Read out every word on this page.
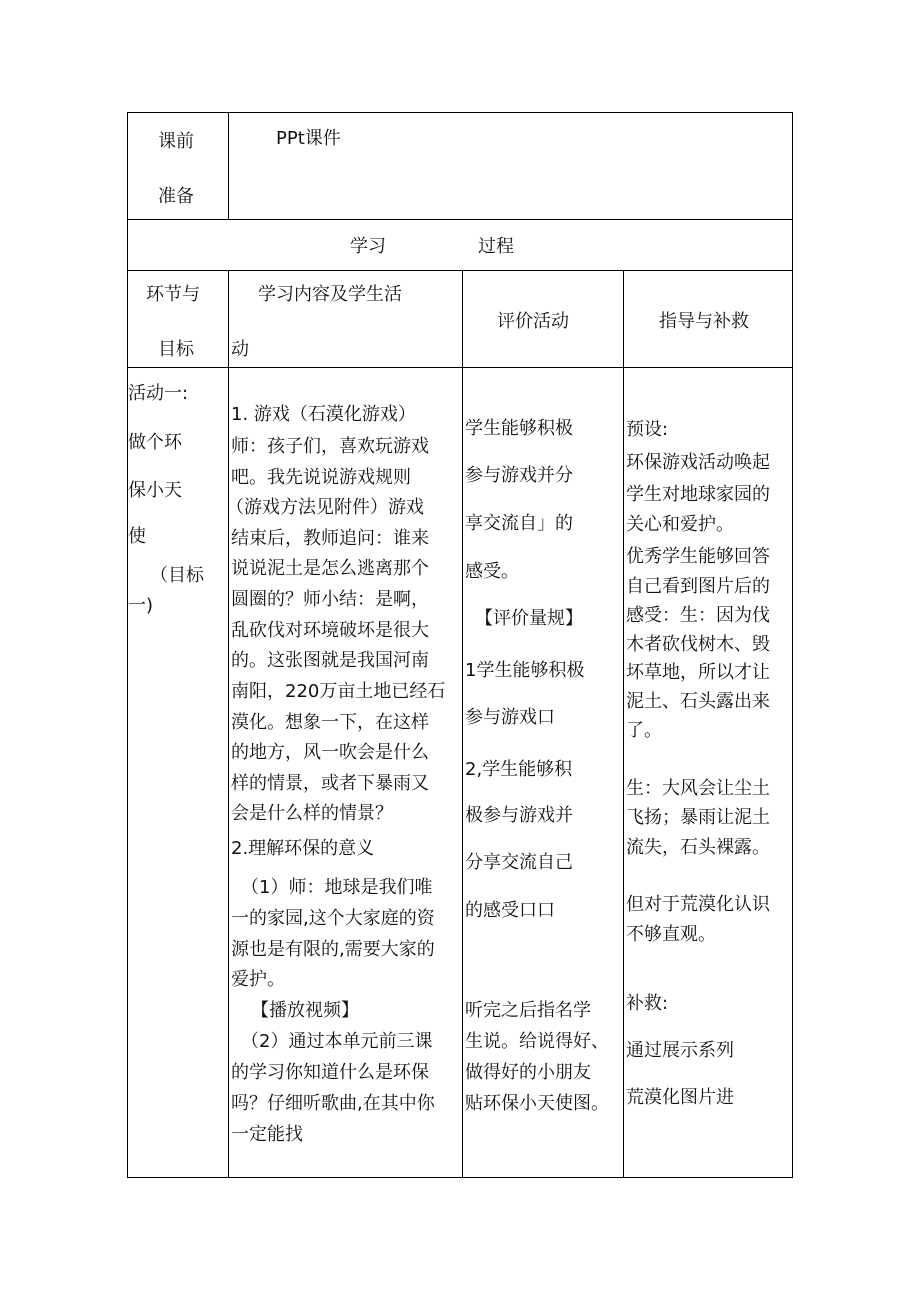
课前
准备
PPt课件
学习	过程
环节与
目标
学习内容及学生活
动
评价活动	指导与补救
活动一:
做个环
保小天
使
（目标
一)
1. 游戏（石漠化游戏）
师：孩子们，喜欢玩游戏
吧。我先说说游戏规则
（游戏方法见附件）游戏
结束后，教师追问：谁来
说说泥土是怎么逃离那个
圆圈的？师小结：是啊，
乱砍伐对环境破坏是很大
的。这张图就是我国河南
南阳，220万亩土地已经石
漠化。想象一下，在这样
的地方，风一吹会是什么
样的情景，或者下暴雨又
会是什么样的情景？
2.理解环保的意义
（1）师：地球是我们唯
一的家园,这个大家庭的资
源也是有限的,需要大家的
爱护。
【播放视频】
（2）通过本单元前三课
的学习你知道什么是环保
吗？仔细听歌曲,在其中你
一定能找
学生能够积极
参与游戏并分
享交流自」的
感受。
【评价量规】
1学生能够积极
参与游戏口
2,学生能够积
极参与游戏并
分享交流自己
的感受口口
听完之后指名学
生说。给说得好、
做得好的小朋友
贴环保小天使图。
预设:
环保游戏活动唤起
学生对地球家园的
关心和爱护。
优秀学生能够回答
自己看到图片后的
感受：生：因为伐
木者砍伐树木、毁
坏草地，所以才让
泥土、石头露出来
了。
生：大风会让尘土
飞扬；暴雨让泥土
流失，石头裸露。
但对于荒漠化认识
不够直观。
补救:
通过展示系列
荒漠化图片进
